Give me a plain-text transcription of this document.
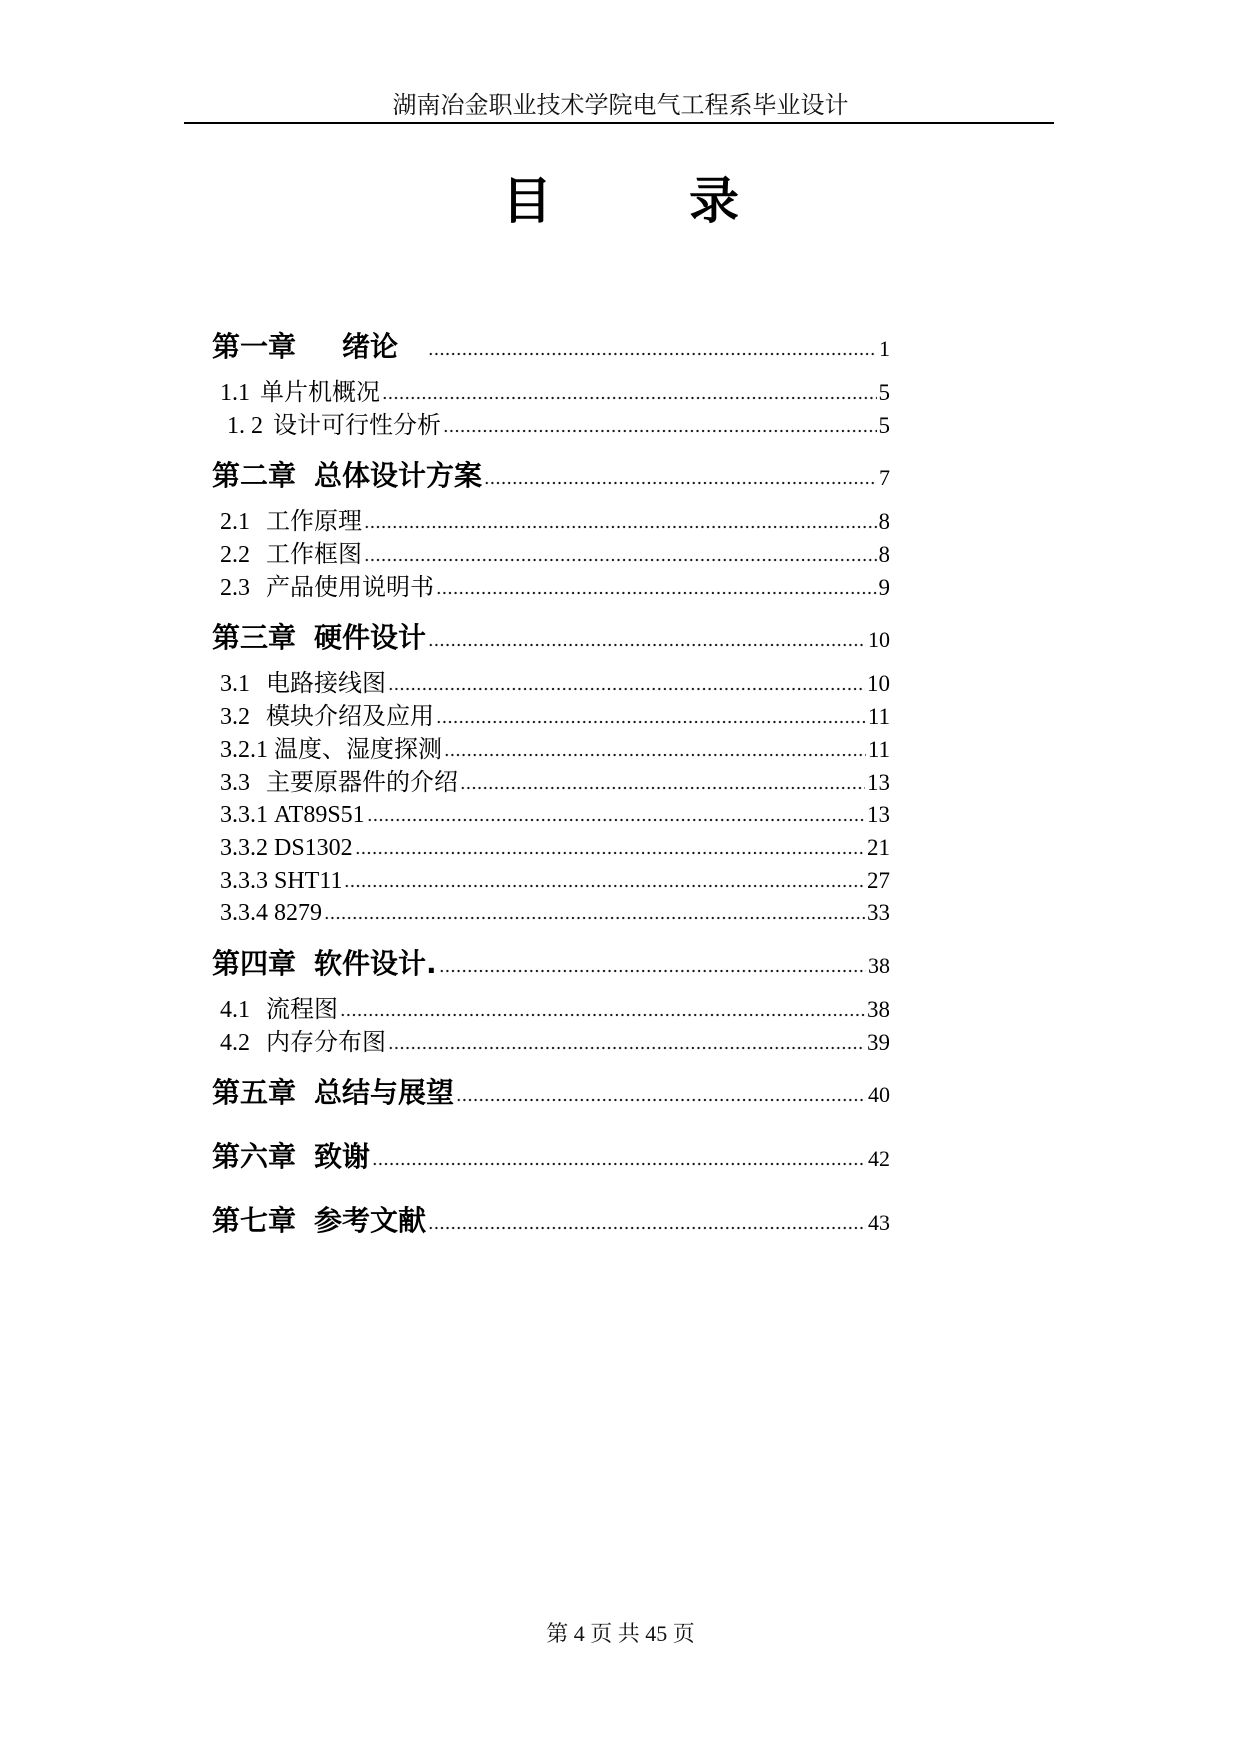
湖南冶金职业技术学院电气工程系毕业设计
目录
第一章 绪论	1
1.1 单片机概况	5
1. 2 设计可行性分析	5
第二章 总体设计方案	7
2.1 工作原理	8
2.2 工作框图	8
2.3 产品使用说明书	9
第三章 硬件设计	10
3.1 电路接线图	10
3.2 模块介绍及应用	11
3.2.1 温度、湿度探测	11
3.3 主要原器件的介绍	13
3.3.1 AT89S51	13
3.3.2 DS1302	21
3.3.3 SHT11	27
3.3.4 8279	33
第四章 软件设计.	38
4.1 流程图	38
4.2 内存分布图	39
第五章 总结与展望	40
第六章 致谢	42
第七章 参考文献	43
第 4 页 共 45 页
